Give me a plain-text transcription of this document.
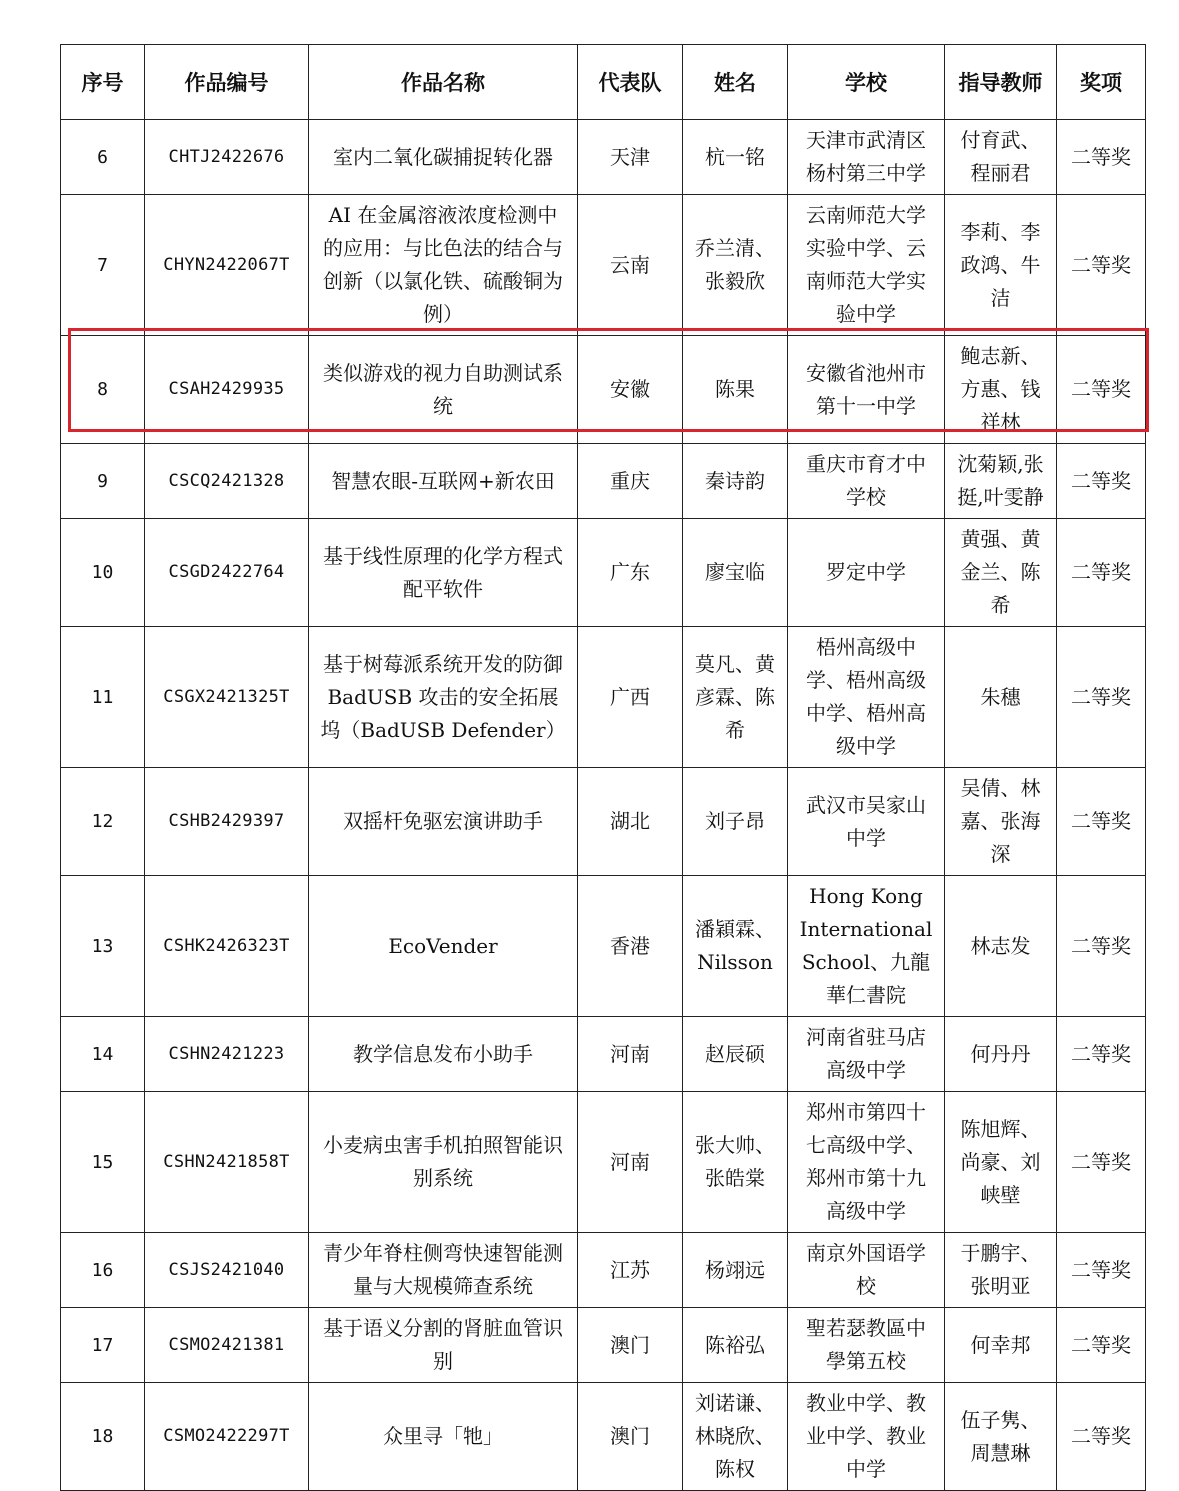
序号	作品编号	作品名称	代表队	姓名	学校	指导教师	奖项
6	CHTJ2422676	室内二氧化碳捕捉转化器	天津	杭一铭	天津市武清区杨村第三中学	付育武、程丽君	二等奖
7	CHYN2422067T	AI 在金属溶液浓度检测中的应用：与比色法的结合与创新（以氯化铁、硫酸铜为例）	云南	乔兰清、张毅欣	云南师范大学实验中学、云南师范大学实验中学	李莉、李政鸿、牛洁	二等奖
8	CSAH2429935	类似游戏的视力自助测试系统	安徽	陈果	安徽省池州市第十一中学	鲍志新、方惠、钱祥林	二等奖
9	CSCQ2421328	智慧农眼-互联网+新农田	重庆	秦诗韵	重庆市育才中学校	沈菊颖,张挺,叶雯静	二等奖
10	CSGD2422764	基于线性原理的化学方程式配平软件	广东	廖宝临	罗定中学	黄强、黄金兰、陈希	二等奖
11	CSGX2421325T	基于树莓派系统开发的防御 BadUSB 攻击的安全拓展坞（BadUSB Defender）	广西	莫凡、黄彦霖、陈希	梧州高级中学、梧州高级中学、梧州高级中学	朱穗	二等奖
12	CSHB2429397	双摇杆免驱宏演讲助手	湖北	刘子昂	武汉市吴家山中学	吴倩、林嘉、张海深	二等奖
13	CSHK2426323T	EcoVender	香港	潘穎霖、Nilsson	Hong Kong International School、九龍華仁書院	林志发	二等奖
14	CSHN2421223	教学信息发布小助手	河南	赵辰硕	河南省驻马店高级中学	何丹丹	二等奖
15	CSHN2421858T	小麦病虫害手机拍照智能识别系统	河南	张大帅、张皓棠	郑州市第四十七高级中学、郑州市第十九高级中学	陈旭辉、尚豪、刘峡壁	二等奖
16	CSJS2421040	青少年脊柱侧弯快速智能测量与大规模筛查系统	江苏	杨翊远	南京外国语学校	于鹏宇、张明亚	二等奖
17	CSMO2421381	基于语义分割的肾脏血管识别	澳门	陈裕弘	聖若瑟教區中學第五校	何幸邦	二等奖
18	CSMO2422297T	众里寻「牠」	澳门	刘诺谦、林晓欣、陈权	教业中学、教业中学、教业中学	伍子隽、周慧琳	二等奖
